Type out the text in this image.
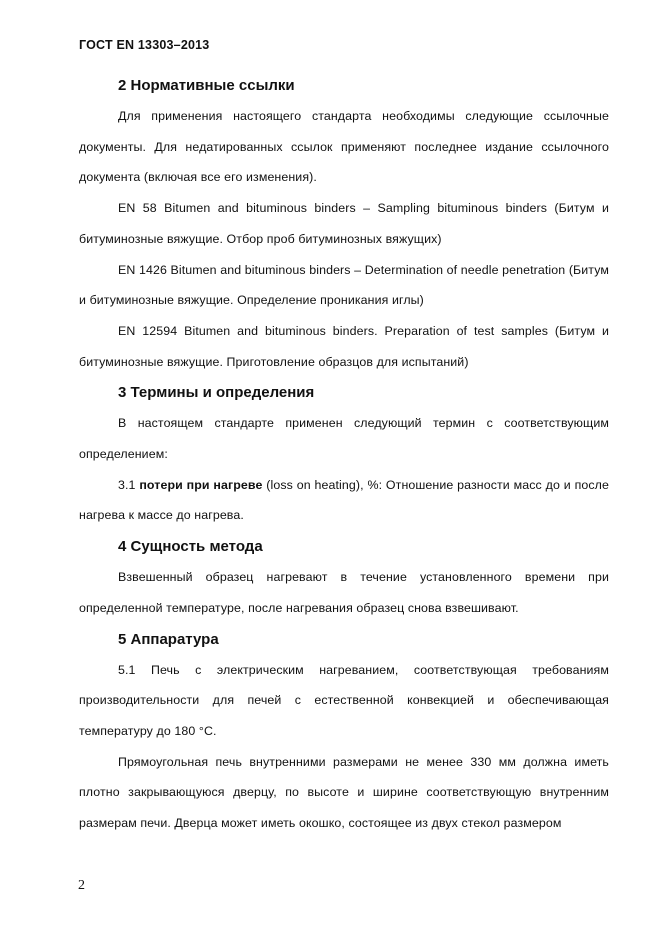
ГОСТ EN 13303–2013
2 Нормативные ссылки

Для применения настоящего стандарта необходимы следующие ссылочные документы. Для недатированных ссылок применяют последнее издание ссылочного документа (включая все его изменения).

EN 58 Bitumen and bituminous binders – Sampling bituminous binders (Битум и битуминозные вяжущие. Отбор проб битуминозных вяжущих)

EN 1426 Bitumen and bituminous binders – Determination of needle penetration (Битум и битуминозные вяжущие. Определение проникания иглы)

EN 12594 Bitumen and bituminous binders. Preparation of test samples (Битум и битуминозные вяжущие. Приготовление образцов для испытаний)

3 Термины и определения

В настоящем стандарте применен следующий термин с соответствующим определением:

3.1 потери при нагреве (loss on heating), %: Отношение разности масс до и после нагрева к массе до нагрева.

4 Сущность метода

Взвешенный образец нагревают в течение установленного времени при определенной температуре, после нагревания образец снова взвешивают.

5 Аппаратура

5.1 Печь с электрическим нагреванием, соответствующая требованиям производительности для печей с естественной конвекцией и обеспечивающая температуру до 180 °С.

Прямоугольная печь внутренними размерами не менее 330 мм должна иметь плотно закрывающуюся дверцу, по высоте и ширине соответствующую внутренним размерам печи. Дверца может иметь окошко, состоящее из двух стекол размером

2
